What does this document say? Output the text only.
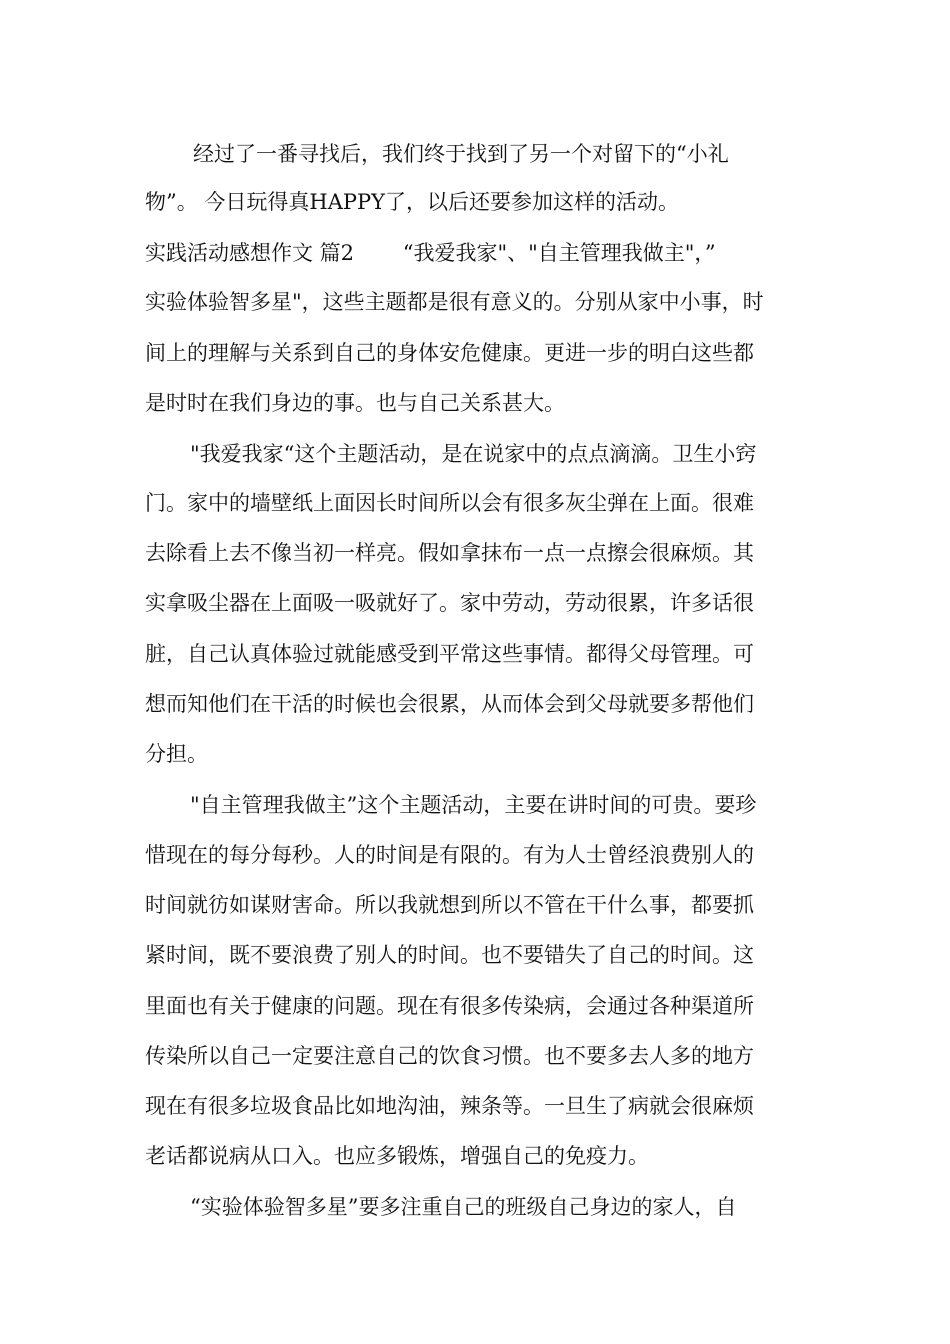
经过了一番寻找后，我们终于找到了另一个对留下的“小礼
物”。 今日玩得真HAPPY了，以后还要参加这样的活动。
实践活动感想作文 篇2 　　“我爱我家"、"自主管理我做主"，”
实验体验智多星"，这些主题都是很有意义的。分别从家中小事，时
间上的理解与关系到自己的身体安危健康。更进一步的明白这些都
是时时在我们身边的事。也与自己关系甚大。
"我爱我家“这个主题活动，是在说家中的点点滴滴。卫生小窍
门。家中的墙壁纸上面因长时间所以会有很多灰尘弹在上面。很难
去除看上去不像当初一样亮。假如拿抹布一点一点擦会很麻烦。其
实拿吸尘器在上面吸一吸就好了。家中劳动，劳动很累，许多话很
脏，自己认真体验过就能感受到平常这些事情。都得父母管理。可
想而知他们在干活的时候也会很累，从而体会到父母就要多帮他们
分担。
"自主管理我做主”这个主题活动，主要在讲时间的可贵。要珍
惜现在的每分每秒。人的时间是有限的。有为人士曾经浪费别人的
时间就彷如谋财害命。所以我就想到所以不管在干什么事，都要抓
紧时间，既不要浪费了别人的时间。也不要错失了自己的时间。这
里面也有关于健康的问题。现在有很多传染病，会通过各种渠道所
传染所以自己一定要注意自己的饮食习惯。也不要多去人多的地方
现在有很多垃圾食品比如地沟油，辣条等。一旦生了病就会很麻烦
老话都说病从口入。也应多锻炼，增强自己的免疫力。
“实验体验智多星”要多注重自己的班级自己身边的家人，自
